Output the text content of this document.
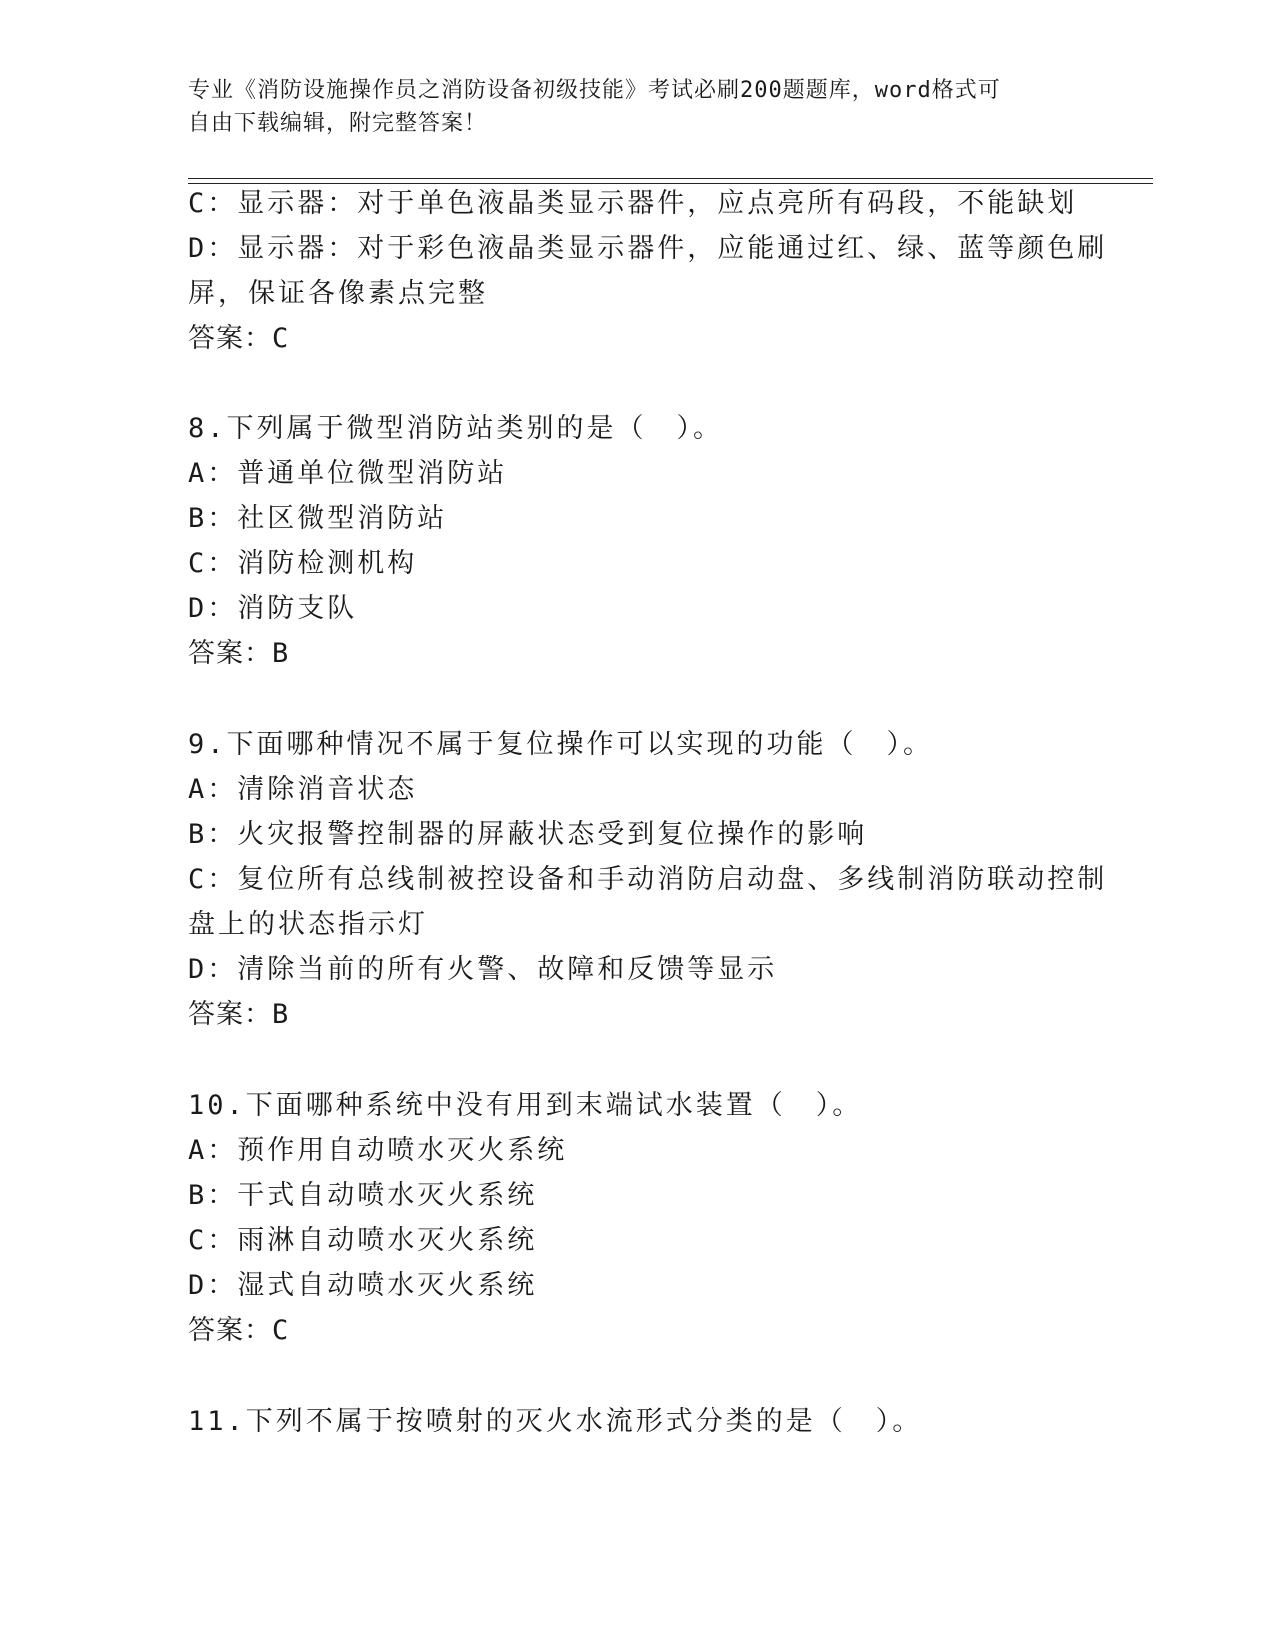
专业《消防设施操作员之消防设备初级技能》考试必刷200题题库，word格式可
自由下载编辑，附完整答案！
C：显示器：对于单色液晶类显示器件，应点亮所有码段，不能缺划
D：显示器：对于彩色液晶类显示器件，应能通过红、绿、蓝等颜色刷
屏，保证各像素点完整
答案：C
8.下列属于微型消防站类别的是（　）。
A：普通单位微型消防站
B：社区微型消防站
C：消防检测机构
D：消防支队
答案：B
9.下面哪种情况不属于复位操作可以实现的功能（　）。
A：清除消音状态
B：火灾报警控制器的屏蔽状态受到复位操作的影响
C：复位所有总线制被控设备和手动消防启动盘、多线制消防联动控制
盘上的状态指示灯
D：清除当前的所有火警、故障和反馈等显示
答案：B
10.下面哪种系统中没有用到末端试水装置（　）。
A：预作用自动喷水灭火系统
B：干式自动喷水灭火系统
C：雨淋自动喷水灭火系统
D：湿式自动喷水灭火系统
答案：C
11.下列不属于按喷射的灭火水流形式分类的是（　）。
